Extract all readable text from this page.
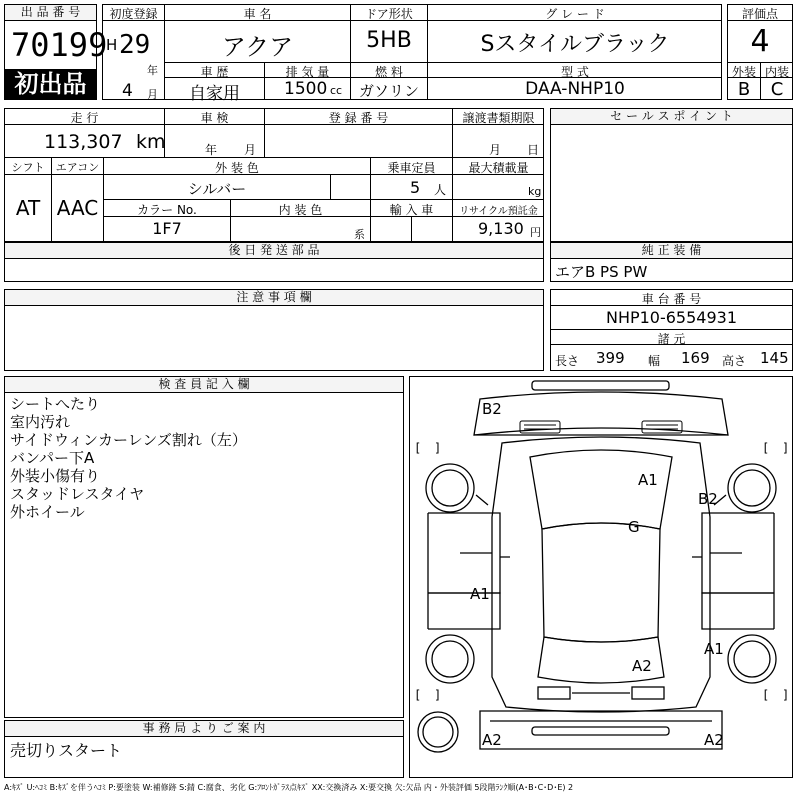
出 品 番 号
70199
初出品
初度登録
H 29
年
4 月
車 名
アクア
ドア形状
5HB
グ レ ー ド
Sスタイルブラック
車 歴
自家用
排 気 量
1500 cc
燃 料
ガソリン
型 式
DAA-NHP10
評価点
4
外装 内装
B	C
走 行
113,307 km
車 検
年 月
登 録 番 号	譲渡書類期限
月 日
シフト
AT
エアコン
AAC
外 装 色
シルバー
乗車定員
5 人
最大積載量
kg
カラー No.
1F7
内 装 色
系
輸 入 車	リサイクル預託金
9,130 円
後 日 発 送 部 品
セ ー ル ス ポ イ ン ト
純 正 装 備
エアB PS PW
注 意 事 項 欄	車 台 番 号
NHP10-6554931
諸 元
長さ 399 幅 169 高さ 145
検 査 員 記 入 欄
シートへたり
室内汚れ
サイドウィンカーレンズ割れ（左）
バンパー下A
外装小傷有り
スタッドレスタイヤ
外ホイール
事 務 局 よ り ご 案 内
売切りスタート
[ ]	[ ]
[ ]	[ ]
B2
A1
B2
G
A1
A1
A2
A2	A2
A:ｷｽﾞ U:ﾍｺﾐ B:ｷｽﾞを伴うﾍｺﾐ P:要塗装 W:補修跡 S:錆 C:腐食、劣化 G:ﾌﾛﾝﾄｶﾞﾗｽ点ｷｽﾞ XX:交換済み X:要交換 欠:欠品 内・外装評価 5段階ﾗﾝｸ順(A･B･C･D･E) 2
